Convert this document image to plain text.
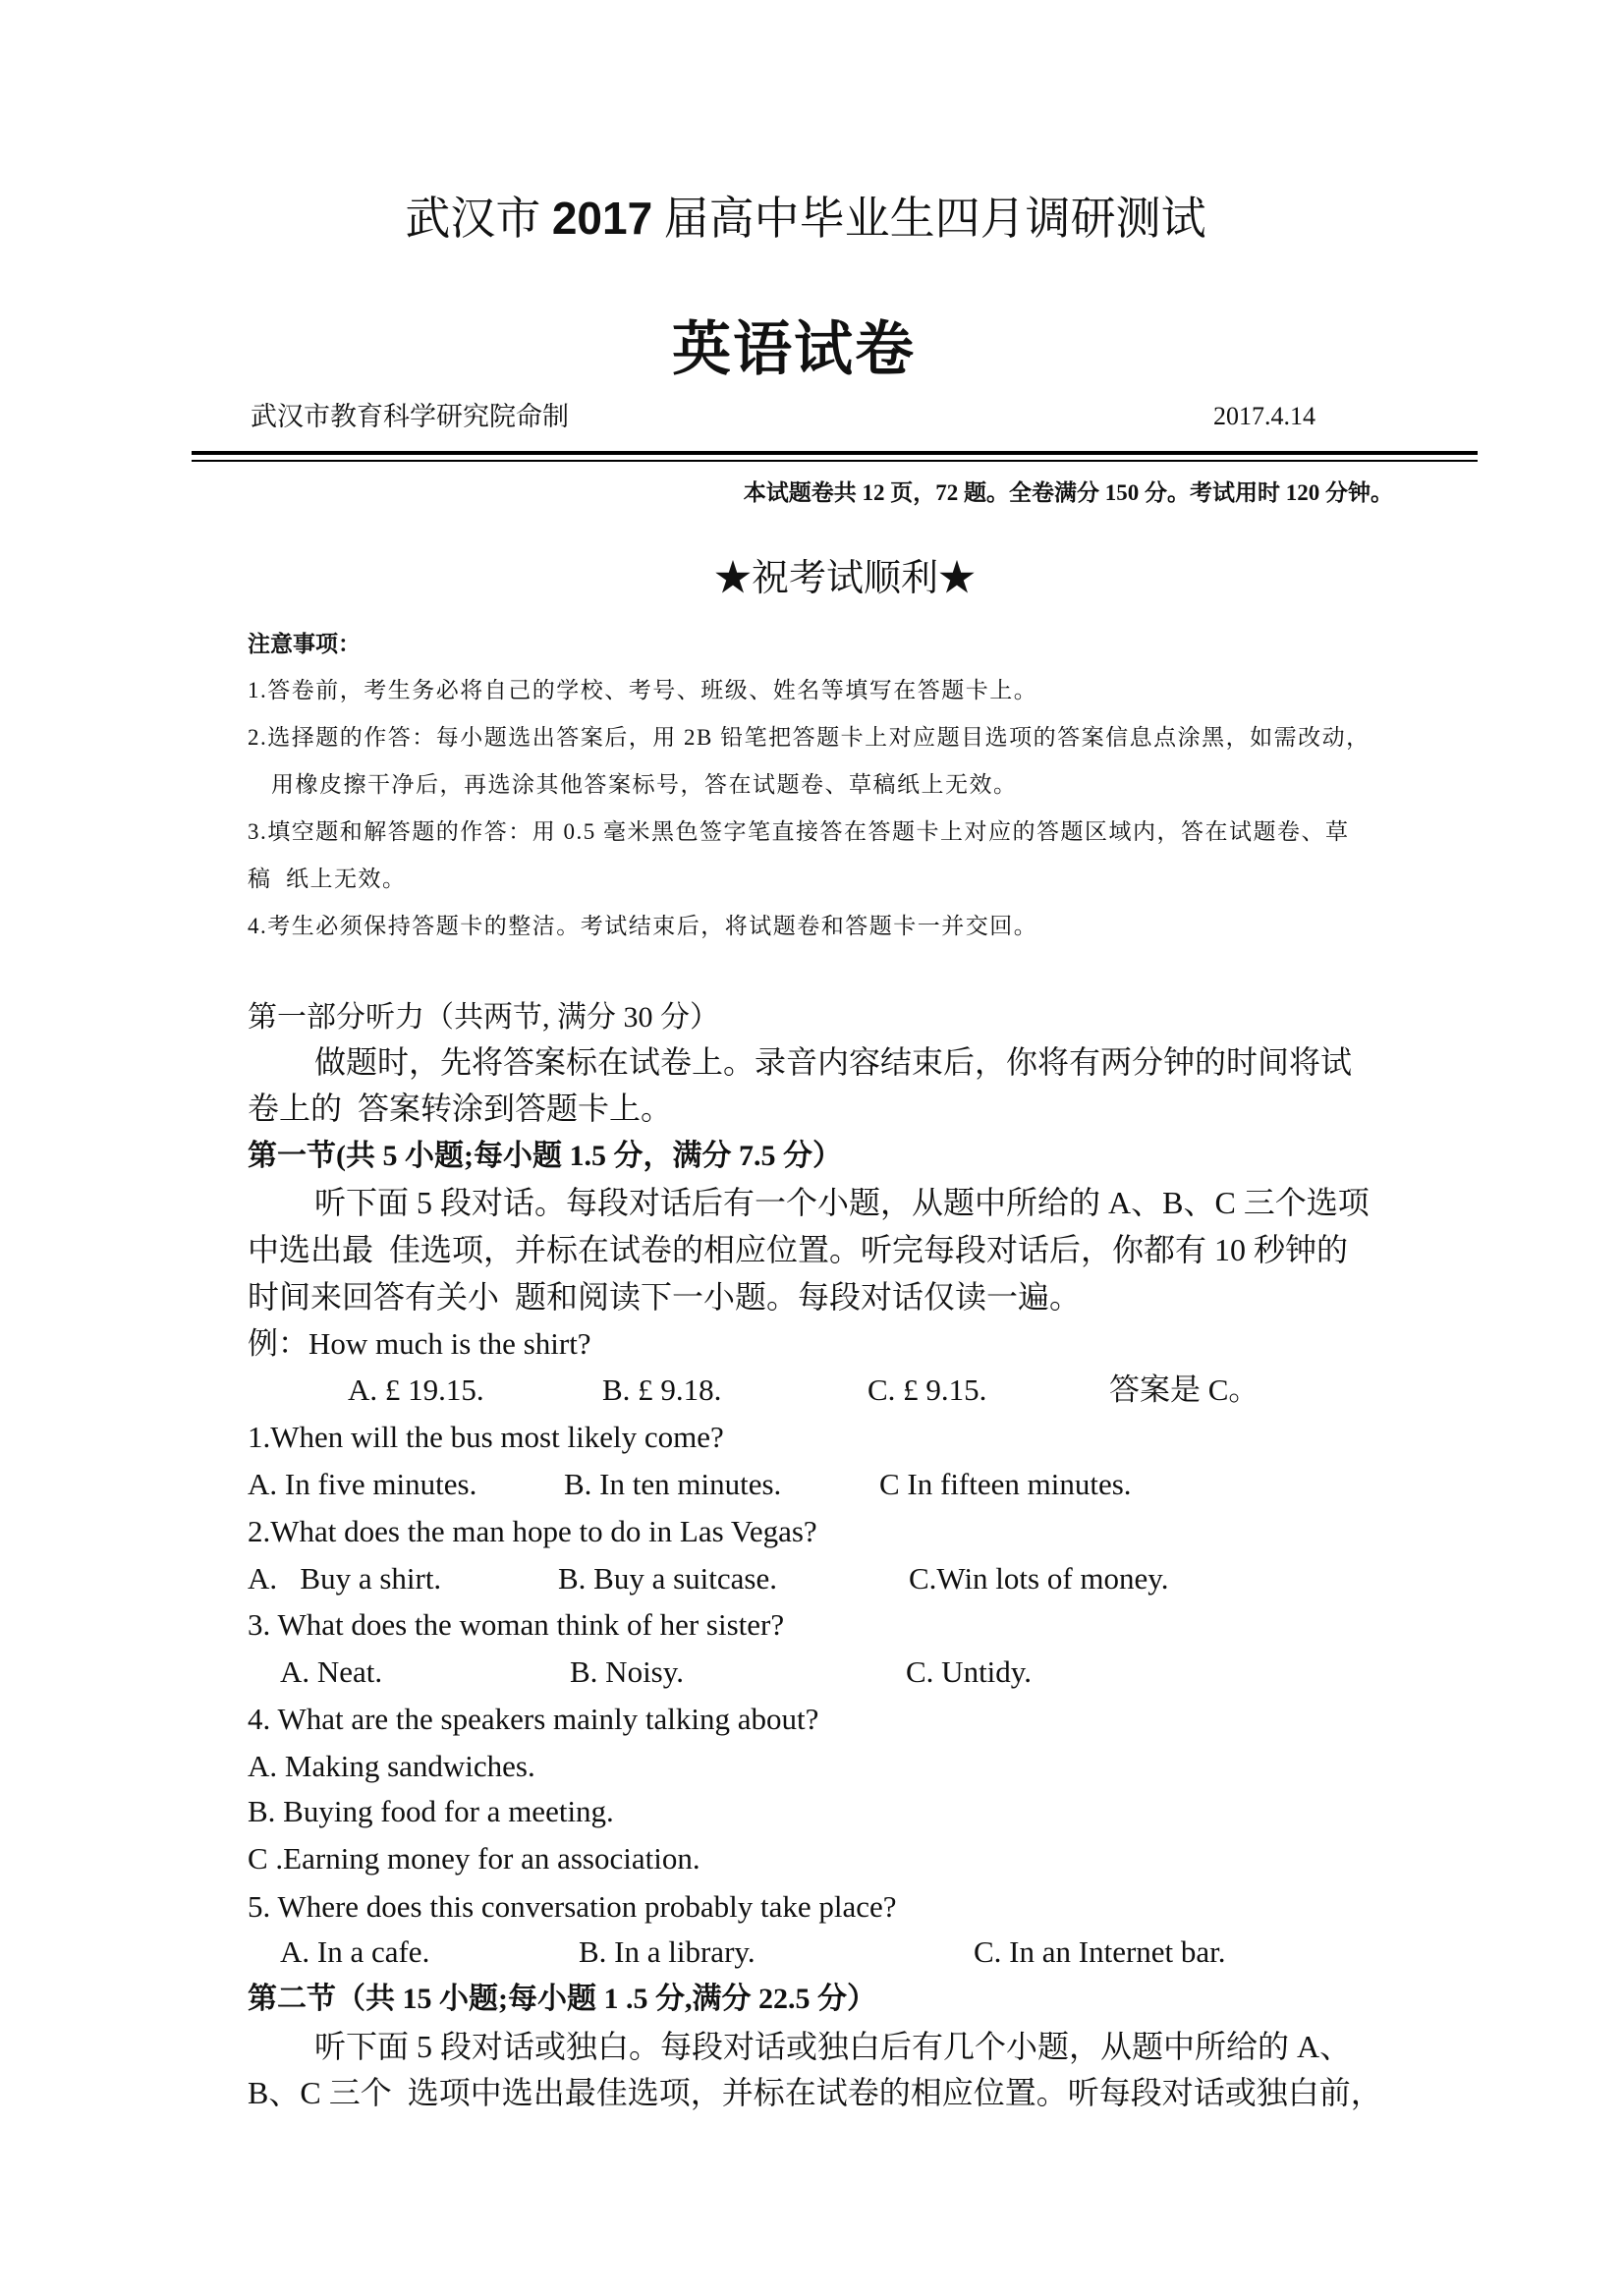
武汉市 2017 届高中毕业生四月调研测试
英语试卷
武汉市教育科学研究院命制	2017.4.14
本试题卷共 12 页，72 题。全卷满分 150 分。考试用时 120 分钟。
★祝考试顺利★
注意事项：
1.答卷前，考生务必将自己的学校、考号、班级、姓名等填写在答题卡上。
2.选择题的作答：每小题选出答案后，用 2B 铅笔把答题卡上对应题目选项的答案信息点涂黑，如需改动，
用橡皮擦干净后，再选涂其他答案标号，答在试题卷、草稿纸上无效。
3.填空题和解答题的作答：用 0.5 毫米黑色签字笔直接答在答题卡上对应的答题区域内，答在试题卷、草
稿  纸上无效。
4.考生必须保持答题卡的整洁。考试结束后，将试题卷和答题卡一并交回。
第一部分听力（共两节, 满分 30 分）
做题时，先将答案标在试卷上。录音内容结束后，你将有两分钟的时间将试
卷上的  答案转涂到答题卡上。
第一节(共 5 小题;每小题 1.5 分，满分 7.5 分）
听下面 5 段对话。每段对话后有一个小题，从题中所给的 A、B、C 三个选项
中选出最  佳选项，并标在试卷的相应位置。听完每段对话后，你都有 10 秒钟的
时间来回答有关小  题和阅读下一小题。每段对话仅读一遍。
例：How much is the shirt?
A. £ 19.15.	B. £ 9.18.	C. £ 9.15.	答案是 C。
1.When will the bus most likely come?
A. In five minutes.	B. In ten minutes.	C In fifteen minutes.
2.What does the man hope to do in Las Vegas?
A.   Buy a shirt.	B. Buy a suitcase.	C.Win lots of money.
3. What does the woman think of her sister?
A. Neat.	B. Noisy.	C. Untidy.
4. What are the speakers mainly talking about?
A. Making sandwiches.
B. Buying food for a meeting.
C .Earning money for an association.
5. Where does this conversation probably take place?
A. In a cafe.	B. In a library.	C. In an Internet bar.
第二节（共 15 小题;每小题 1 .5 分,满分 22.5 分）
听下面 5 段对话或独白。每段对话或独白后有几个小题，从题中所给的 A、
B、C 三个  选项中选出最佳选项，并标在试卷的相应位置。听每段对话或独白前，
